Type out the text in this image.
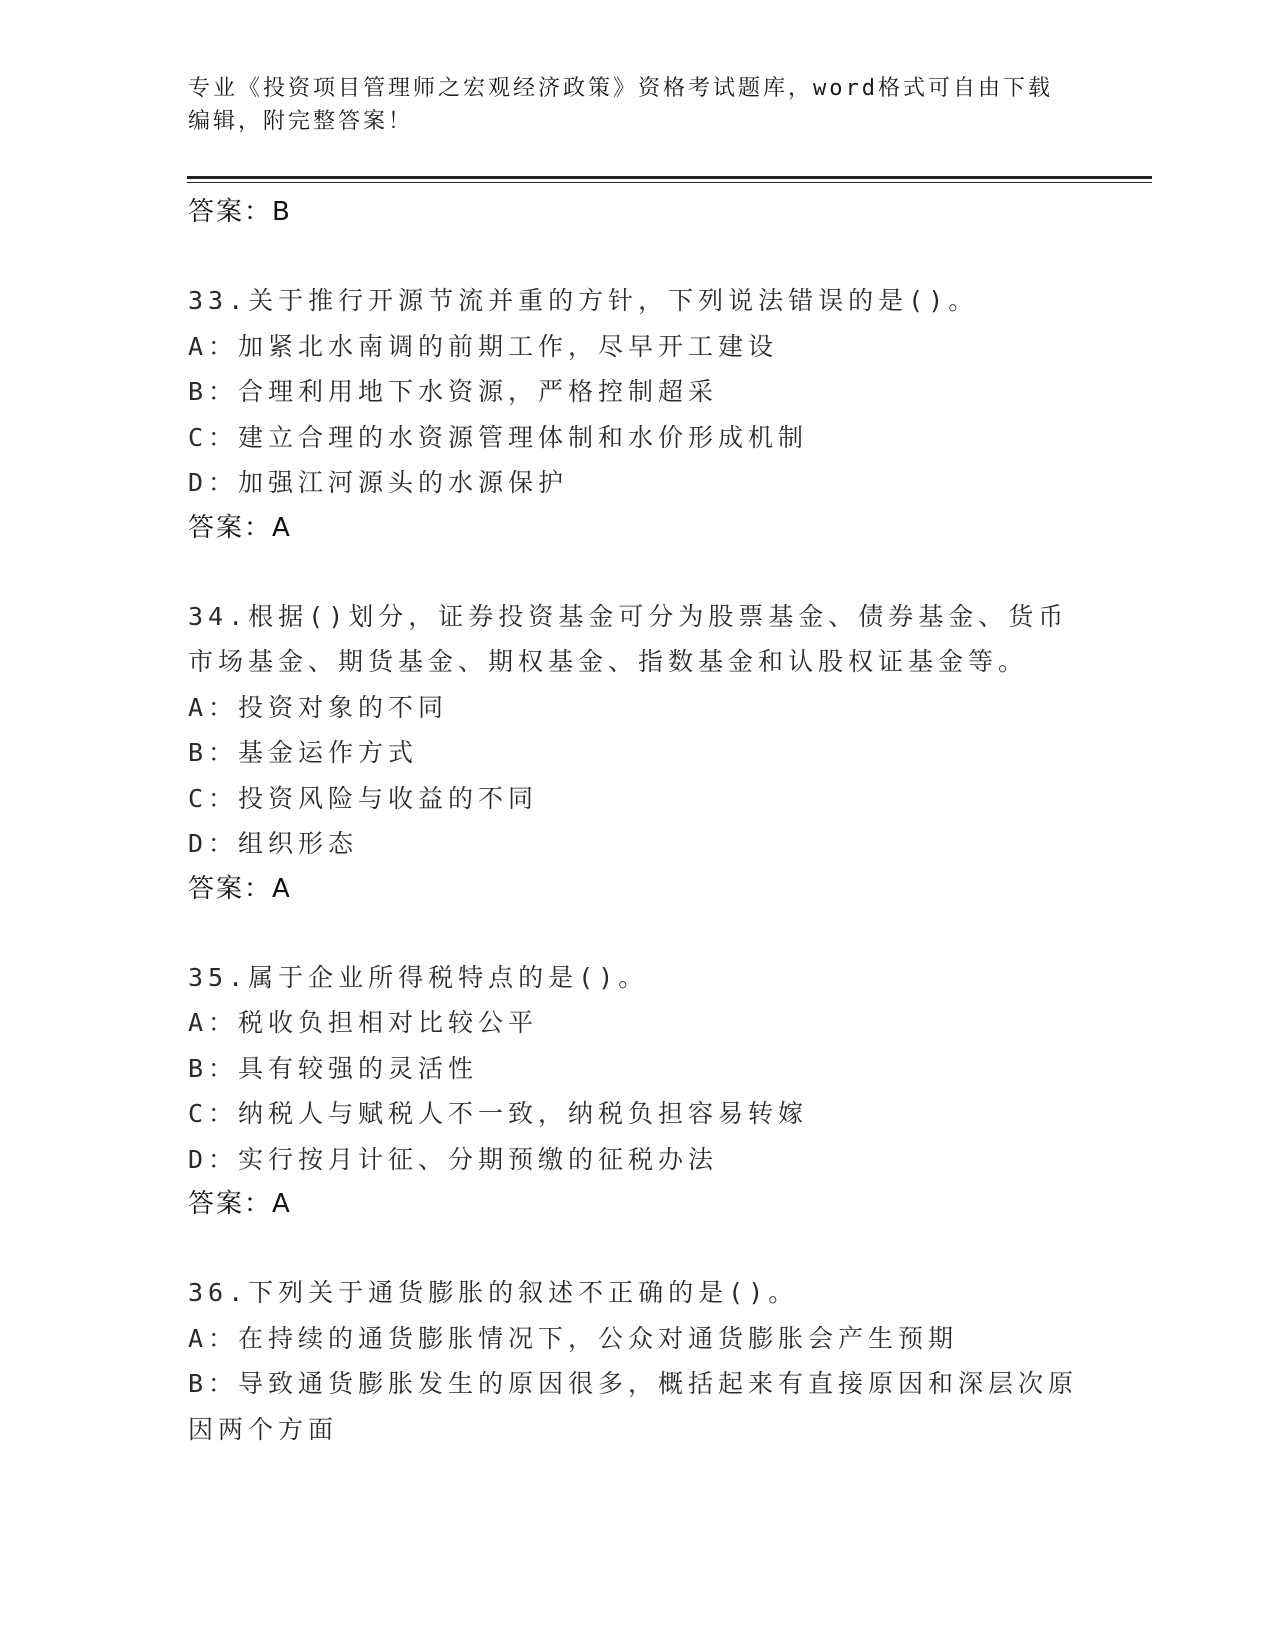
专业《投资项目管理师之宏观经济政策》资格考试题库，word格式可自由下载编辑，附完整答案！
答案：B
33.关于推行开源节流并重的方针，下列说法错误的是()。
A：加紧北水南调的前期工作，尽早开工建设
B：合理利用地下水资源，严格控制超采
C：建立合理的水资源管理体制和水价形成机制
D：加强江河源头的水源保护
答案：A
34.根据()划分，证券投资基金可分为股票基金、债券基金、货币市场基金、期货基金、期权基金、指数基金和认股权证基金等。
A：投资对象的不同
B：基金运作方式
C：投资风险与收益的不同
D：组织形态
答案：A
35.属于企业所得税特点的是()。
A：税收负担相对比较公平
B：具有较强的灵活性
C：纳税人与赋税人不一致，纳税负担容易转嫁
D：实行按月计征、分期预缴的征税办法
答案：A
36.下列关于通货膨胀的叙述不正确的是()。
A：在持续的通货膨胀情况下，公众对通货膨胀会产生预期
B：导致通货膨胀发生的原因很多，概括起来有直接原因和深层次原因两个方面
